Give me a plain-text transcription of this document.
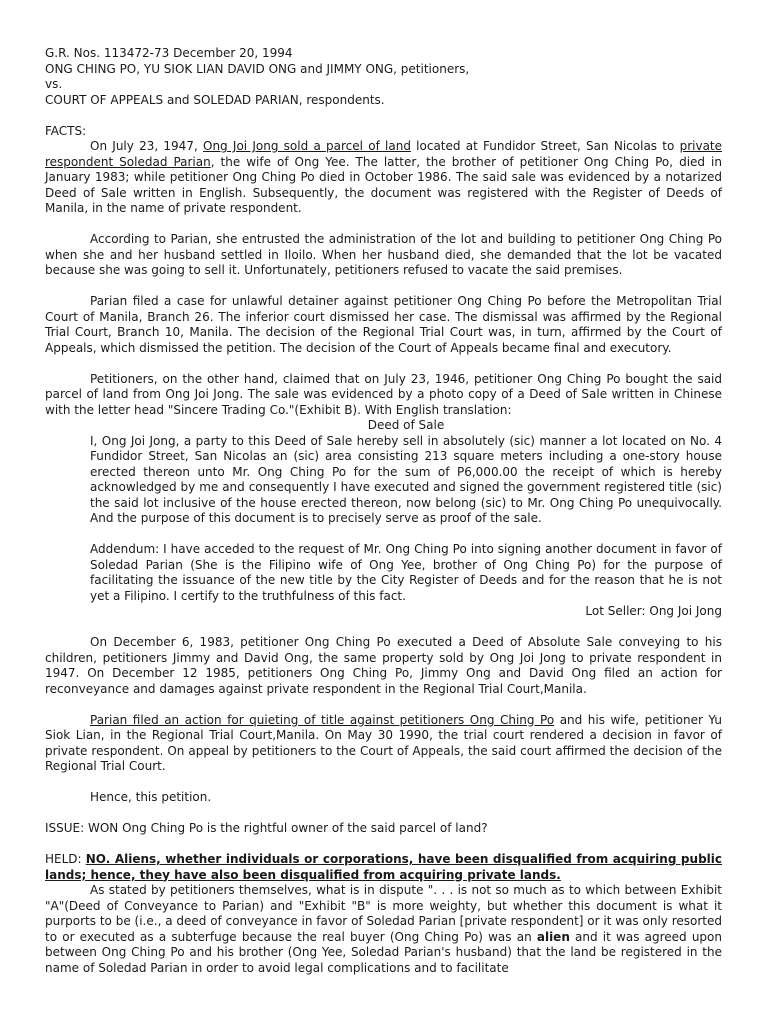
G.R. Nos. 113472-73 December 20, 1994

ONG CHING PO, YU SIOK LIAN DAVID ONG and JIMMY ONG, petitioners,

vs.

COURT OF APPEALS and SOLEDAD PARIAN, respondents.

FACTS:

On July 23, 1947, Ong Joi Jong sold a parcel of land located at Fundidor Street, San Nicolas to private respondent Soledad Parian, the wife of Ong Yee. The latter, the brother of petitioner Ong Ching Po, died in January 1983; while petitioner Ong Ching Po died in October 1986. The said sale was evidenced by a notarized Deed of Sale written in English. Subsequently, the document was registered with the Register of Deeds of Manila, in the name of private respondent.

According to Parian, she entrusted the administration of the lot and building to petitioner Ong Ching Po when she and her husband settled in Iloilo. When her husband died, she demanded that the lot be vacated because she was going to sell it. Unfortunately, petitioners refused to vacate the said premises.

Parian filed a case for unlawful detainer against petitioner Ong Ching Po before the Metropolitan Trial Court of Manila, Branch 26. The inferior court dismissed her case. The dismissal was affirmed by the Regional Trial Court, Branch 10, Manila. The decision of the Regional Trial Court was, in turn, affirmed by the Court of Appeals, which dismissed the petition. The decision of the Court of Appeals became final and executory.

Petitioners, on the other hand, claimed that on July 23, 1946, petitioner Ong Ching Po bought the said parcel of land from Ong Joi Jong. The sale was evidenced by a photo copy of a Deed of Sale written in Chinese with the letter head "Sincere Trading Co."(Exhibit B). With English translation:

Deed of Sale

I, Ong Joi Jong, a party to this Deed of Sale hereby sell in absolutely (sic) manner a lot located on No. 4 Fundidor Street, San Nicolas an (sic) area consisting 213 square meters including a one-story house erected thereon unto Mr. Ong Ching Po for the sum of P6,000.00 the receipt of which is hereby acknowledged by me and consequently I have executed and signed the government registered title (sic) the said lot inclusive of the house erected thereon, now belong (sic) to Mr. Ong Ching Po unequivocally. And the purpose of this document is to precisely serve as proof of the sale.

Addendum: I have acceded to the request of Mr. Ong Ching Po into signing another document in favor of Soledad Parian (She is the Filipino wife of Ong Yee, brother of Ong Ching Po) for the purpose of facilitating the issuance of the new title by the City Register of Deeds and for the reason that he is not yet a Filipino. I certify to the truthfulness of this fact.

Lot Seller: Ong Joi Jong

On December 6, 1983, petitioner Ong Ching Po executed a Deed of Absolute Sale conveying to his children, petitioners Jimmy and David Ong, the same property sold by Ong Joi Jong to private respondent in 1947. On December 12 1985, petitioners Ong Ching Po, Jimmy Ong and David Ong filed an action for reconveyance and damages against private respondent in the Regional Trial Court,Manila.

Parian filed an action for quieting of title against petitioners Ong Ching Po and his wife, petitioner Yu Siok Lian, in the Regional Trial Court,Manila. On May 30 1990, the trial court rendered a decision in favor of private respondent. On appeal by petitioners to the Court of Appeals, the said court affirmed the decision of the Regional Trial Court.

Hence, this petition.

ISSUE: WON Ong Ching Po is the rightful owner of the said parcel of land?

HELD: NO. Aliens, whether individuals or corporations, have been disqualified from acquiring public lands; hence, they have also been disqualified from acquiring private lands.

As stated by petitioners themselves, what is in dispute ". . . is not so much as to which between Exhibit "A"(Deed of Conveyance to Parian) and "Exhibit "B" is more weighty, but whether this document is what it purports to be (i.e., a deed of conveyance in favor of Soledad Parian [private respondent] or it was only resorted to or executed as a subterfuge because the real buyer (Ong Ching Po) was an alien and it was agreed upon between Ong Ching Po and his brother (Ong Yee, Soledad Parian's husband) that the land be registered in the name of Soledad Parian in order to avoid legal complications and to facilitate
